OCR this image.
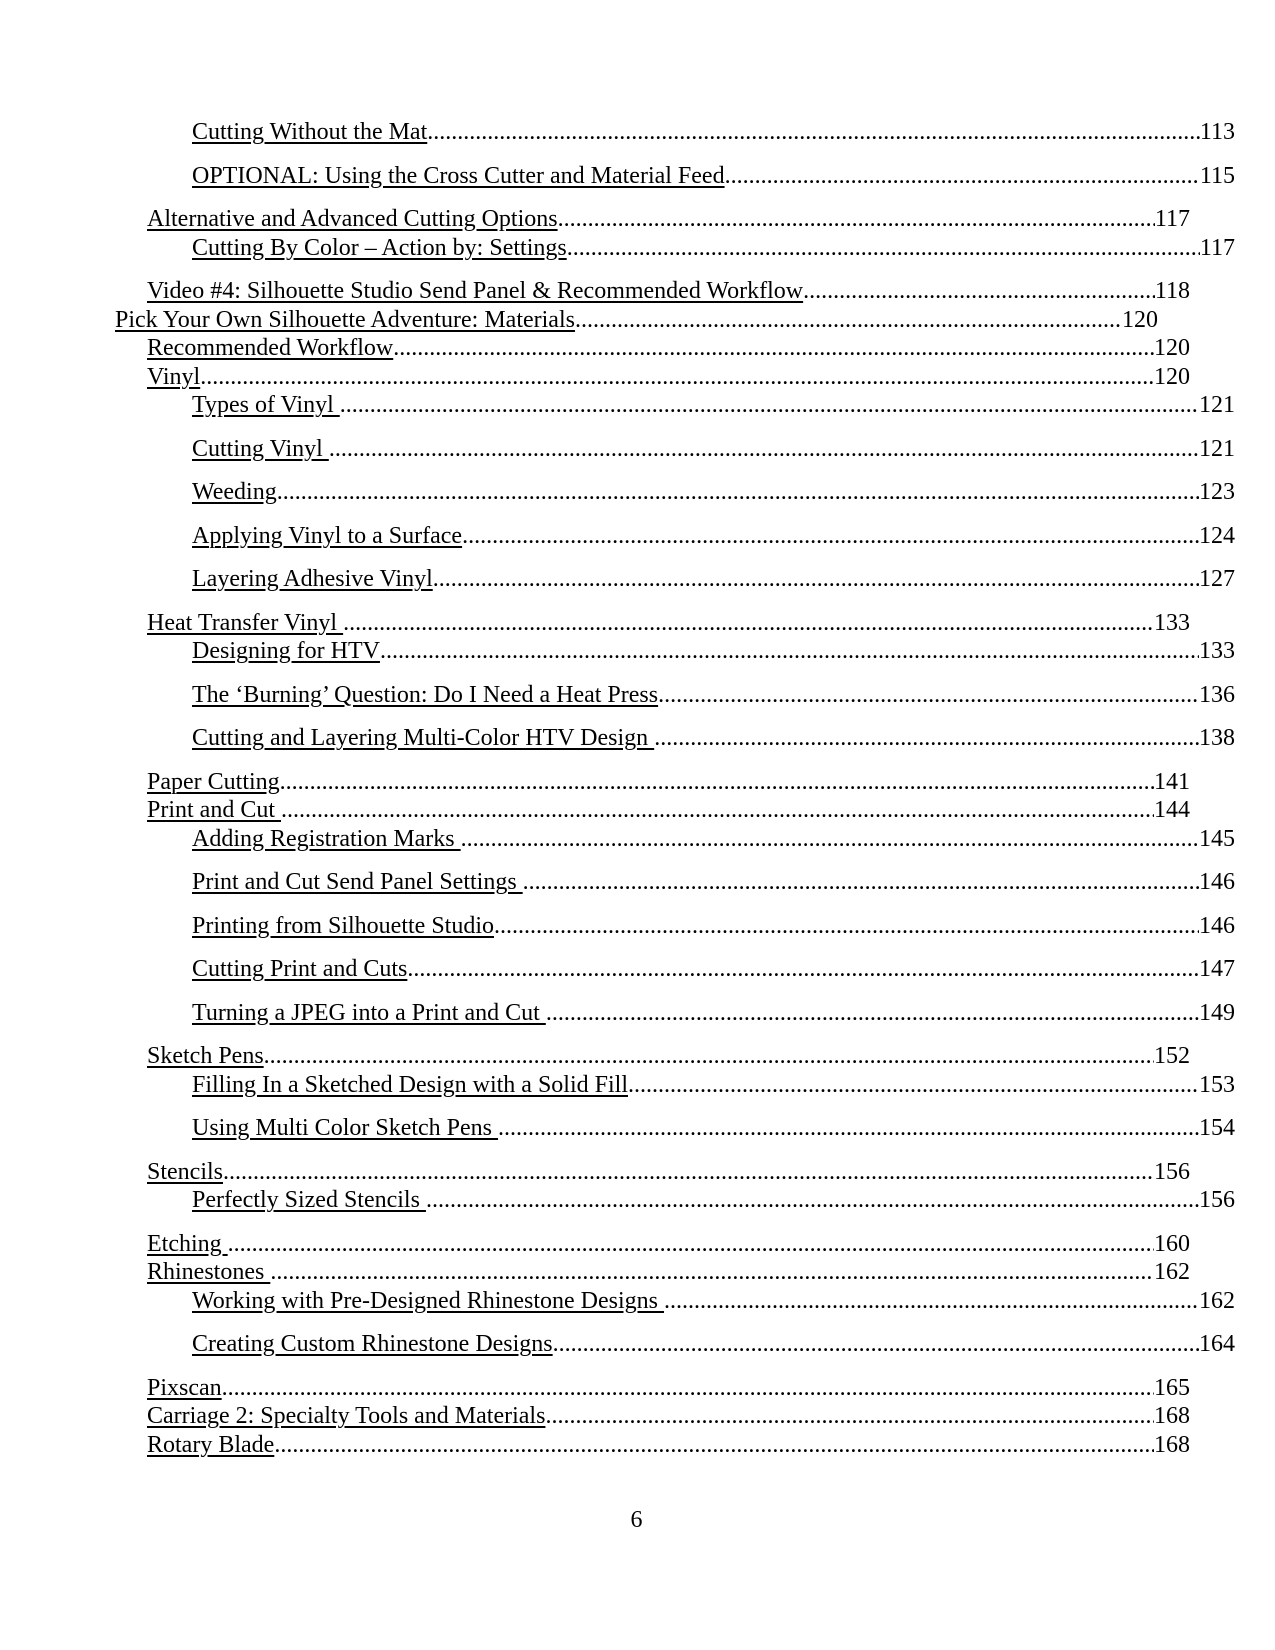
Cutting Without the Mat .....	113
OPTIONAL: Using the Cross Cutter and Material Feed .....	115
Alternative and Advanced Cutting Options .....	117
Cutting By Color – Action by: Settings .....	117
Video #4: Silhouette Studio Send Panel & Recommended Workflow .....	118
Pick Your Own Silhouette Adventure: Materials .....	120
Recommended Workflow .....	120
Vinyl .....	120
Types of Vinyl .....	121
Cutting Vinyl .....	121
Weeding .....	123
Applying Vinyl to a Surface .....	124
Layering Adhesive Vinyl .....	127
Heat Transfer Vinyl .....	133
Designing for HTV .....	133
The ‘Burning’ Question: Do I Need a Heat Press .....	136
Cutting and Layering Multi-Color HTV Design .....	138
Paper Cutting .....	141
Print and Cut .....	144
Adding Registration Marks .....	145
Print and Cut Send Panel Settings .....	146
Printing from Silhouette Studio .....	146
Cutting Print and Cuts .....	147
Turning a JPEG into a Print and Cut .....	149
Sketch Pens .....	152
Filling In a Sketched Design with a Solid Fill .....	153
Using Multi Color Sketch Pens .....	154
Stencils .....	156
Perfectly Sized Stencils .....	156
Etching .....	160
Rhinestones .....	162
Working with Pre-Designed Rhinestone Designs .....	162
Creating Custom Rhinestone Designs .....	164
Pixscan .....	165
Carriage 2: Specialty Tools and Materials .....	168
Rotary Blade .....	168
6
